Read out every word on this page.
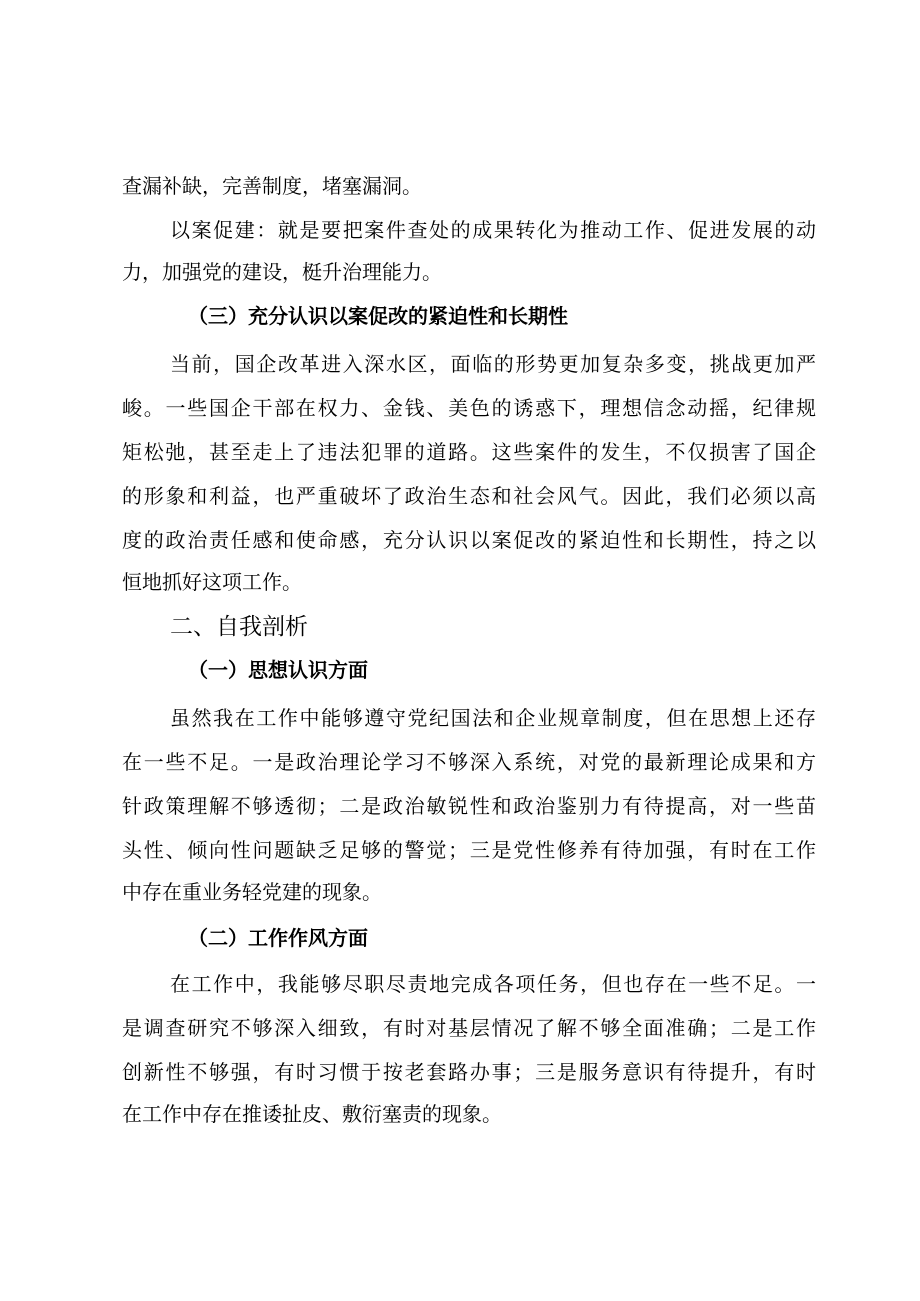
查漏补缺，完善制度，堵塞漏洞。

以案促建：就是要把案件查处的成果转化为推动工作、促进发展的动

力，加强党的建设，梃升治理能力。

（三）充分认识以案促改的紧迫性和长期性

当前，国企改革进入深水区，面临的形势更加复杂多变，挑战更加严

峻。一些国企干部在权力、金钱、美色的诱惑下，理想信念动摇，纪律规

矩松弛，甚至走上了违法犯罪的道路。这些案件的发生，不仅损害了国企

的形象和利益，也严重破坏了政治生态和社会风气。因此，我们必须以高

度的政治责任感和使命感，充分认识以案促改的紧迫性和长期性，持之以

恒地抓好这项工作。

二、自我剖析

（一）思想认识方面

虽然我在工作中能够遵守党纪国法和企业规章制度，但在思想上还存

在一些不足。一是政治理论学习不够深入系统，对党的最新理论成果和方

针政策理解不够透彻；二是政治敏锐性和政治鉴别力有待提高，对一些苗

头性、倾向性问题缺乏足够的警觉；三是党性修养有待加强，有时在工作

中存在重业务轻党建的现象。

（二）工作作风方面

在工作中，我能够尽职尽责地完成各项任务，但也存在一些不足。一

是调查研究不够深入细致，有时对基层情况了解不够全面准确；二是工作

创新性不够强，有时习惯于按老套路办事；三是服务意识有待提升，有时

在工作中存在推诿扯皮、敷衍塞责的现象。
